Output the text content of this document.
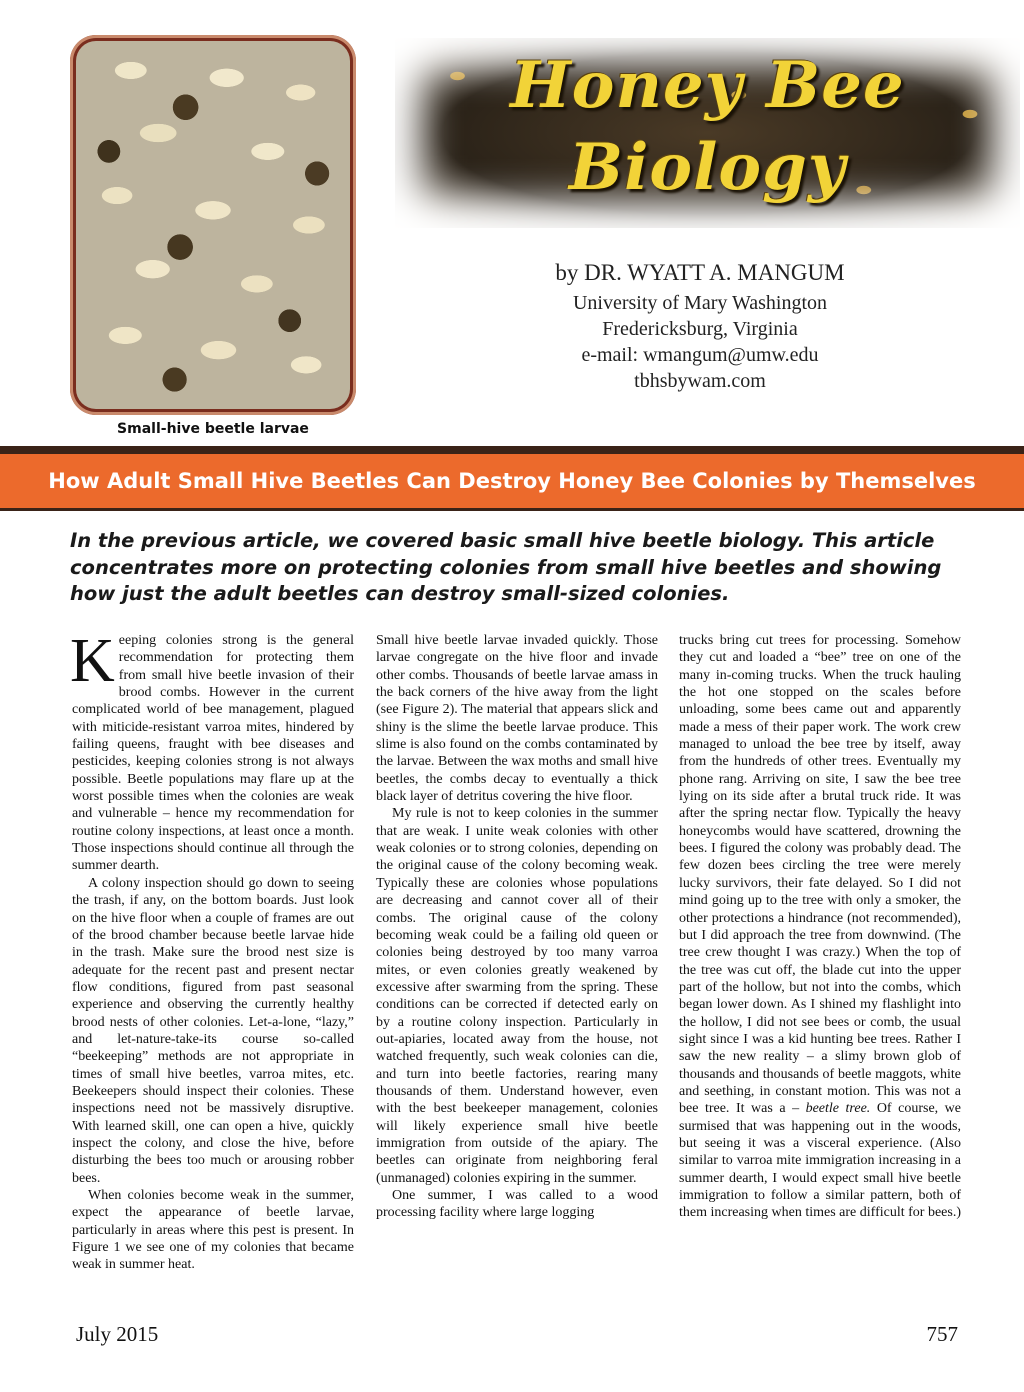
Small-hive beetle larvae
Honey Bee
Biology
by DR. WYATT A. MANGUM
University of Mary Washington
Fredericksburg, Virginia
e-mail: wmangum@umw.edu
tbhsbywam.com
How Adult Small Hive Beetles Can Destroy Honey Bee Colonies by Themselves
In the previous article, we covered basic small hive beetle biology. This article concentrates more on protecting colonies from small hive beetles and showing how just the adult beetles can destroy small-sized colonies.

Keeping colonies strong is the general recommendation for protecting them from small hive beetle invasion of their brood combs. However in the current complicated world of bee management, plagued with miticide-resistant varroa mites, hindered by failing queens, fraught with bee diseases and pesticides, keeping colonies strong is not always possible. Beetle populations may flare up at the worst possible times when the colonies are weak and vulnerable – hence my recommendation for routine colony inspections, at least once a month. Those inspections should continue all through the summer dearth.

A colony inspection should go down to seeing the trash, if any, on the bottom boards. Just look on the hive floor when a couple of frames are out of the brood chamber because beetle larvae hide in the trash. Make sure the brood nest size is adequate for the recent past and present nectar flow conditions, figured from past seasonal experience and observing the currently healthy brood nests of other colonies. Let-a-lone, “lazy,” and let-nature-take-its course so-called “beekeeping” methods are not appropriate in times of small hive beetles, varroa mites, etc. Beekeepers should inspect their colonies. These inspections need not be massively disruptive. With learned skill, one can open a hive, quickly inspect the colony, and close the hive, before disturbing the bees too much or arousing robber bees.

When colonies become weak in the summer, expect the appearance of beetle larvae, particularly in areas where this pest is present. In Figure 1 we see one of my colonies that became weak in summer heat.

Small hive beetle larvae invaded quickly. Those larvae congregate on the hive floor and invade other combs. Thousands of beetle larvae amass in the back corners of the hive away from the light (see Figure 2). The material that appears slick and shiny is the slime the beetle larvae produce. This slime is also found on the combs contaminated by the larvae. Between the wax moths and small hive beetles, the combs decay to eventually a thick black layer of detritus covering the hive floor.

My rule is not to keep colonies in the summer that are weak. I unite weak colonies with other weak colonies or to strong colonies, depending on the original cause of the colony becoming weak. Typically these are colonies whose populations are decreasing and cannot cover all of their combs. The original cause of the colony becoming weak could be a failing old queen or colonies being destroyed by too many varroa mites, or even colonies greatly weakened by excessive after swarming from the spring. These conditions can be corrected if detected early on by a routine colony inspection. Particularly in out-apiaries, located away from the house, not watched frequently, such weak colonies can die, and turn into beetle factories, rearing many thousands of them. Understand however, even with the best beekeeper management, colonies will likely experience small hive beetle immigration from outside of the apiary. The beetles can originate from neighboring feral (unmanaged) colonies expiring in the summer.

One summer, I was called to a wood processing facility where large logging

trucks bring cut trees for processing. Somehow they cut and loaded a “bee” tree on one of the many in-coming trucks. When the truck hauling the hot one stopped on the scales before unloading, some bees came out and apparently made a mess of their paper work. The work crew managed to unload the bee tree by itself, away from the hundreds of other trees. Eventually my phone rang. Arriving on site, I saw the bee tree lying on its side after a brutal truck ride. It was after the spring nectar flow. Typically the heavy honeycombs would have scattered, drowning the bees. I figured the colony was probably dead. The few dozen bees circling the tree were merely lucky survivors, their fate delayed. So I did not mind going up to the tree with only a smoker, the other protections a hindrance (not recommended), but I did approach the tree from downwind. (The tree crew thought I was crazy.) When the top of the tree was cut off, the blade cut into the upper part of the hollow, but not into the combs, which began lower down. As I shined my flashlight into the hollow, I did not see bees or comb, the usual sight since I was a kid hunting bee trees. Rather I saw the new reality – a slimy brown glob of thousands and thousands of beetle maggots, white and seething, in constant motion. This was not a bee tree. It was a – beetle tree. Of course, we surmised that was happening out in the woods, but seeing it was a visceral experience. (Also similar to varroa mite immigration increasing in a summer dearth, I would expect small hive beetle immigration to follow a similar pattern, both of them increasing when times are difficult for bees.)

July 2015	757
